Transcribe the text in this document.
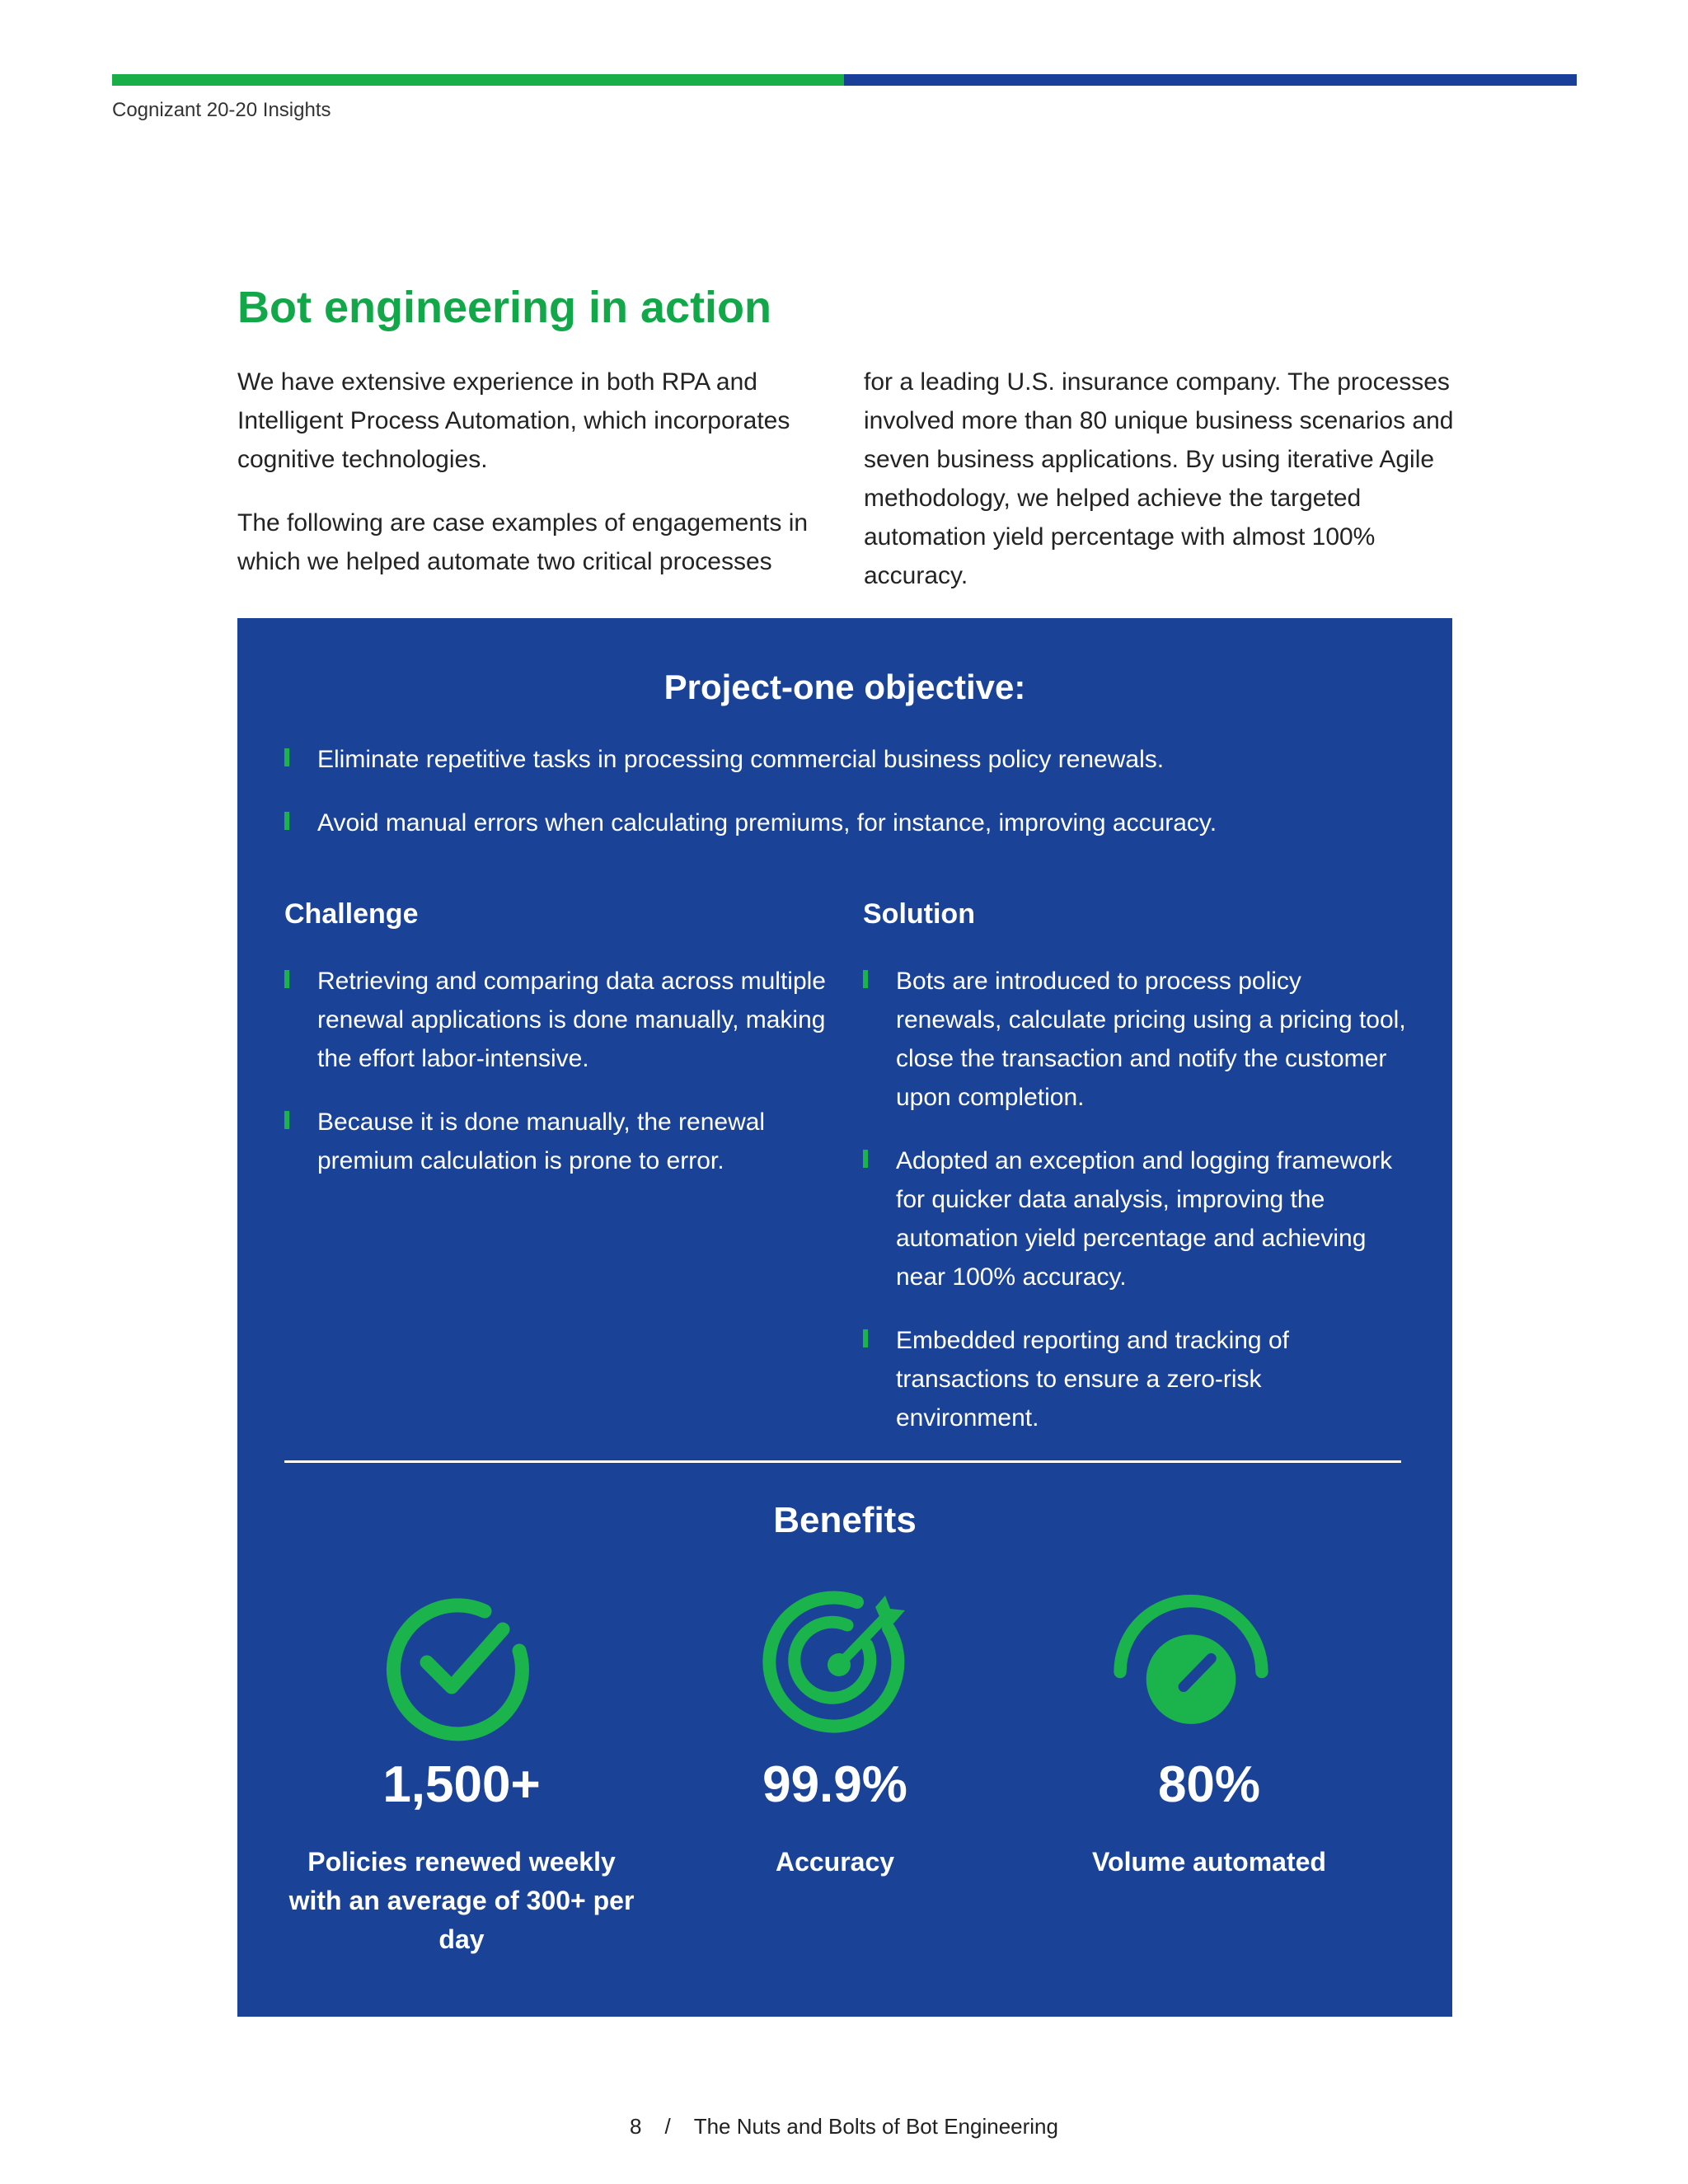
Cognizant 20-20 Insights
Bot engineering in action

We have extensive experience in both RPA and Intelligent Process Automation, which incorporates cognitive technologies.

The following are case examples of engagements in which we helped automate two critical processes

for a leading U.S. insurance company. The processes involved more than 80 unique business scenarios and seven business applications. By using iterative Agile methodology, we helped achieve the targeted automation yield percentage with almost 100% accuracy.

Project-one objective:
Eliminate repetitive tasks in processing commercial business policy renewals.
Avoid manual errors when calculating premiums, for instance, improving accuracy.
Challenge	Solution
Retrieving and comparing data across multiple renewal applications is done manually, making the effort labor-intensive.
Because it is done manually, the renewal premium calculation is prone to error.
Bots are introduced to process policy renewals, calculate pricing using a pricing tool, close the transaction and notify the customer upon completion.
Adopted an exception and logging framework for quicker data analysis, improving the automation yield percentage and achieving near 100% accuracy.
Embedded reporting and tracking of transactions to ensure a zero-risk environment.
Benefits
1,500+	99.9%	80%
Policies renewed weekly with an average of 300+ per day
Accuracy	Volume automated
8 / The Nuts and Bolts of Bot Engineering
